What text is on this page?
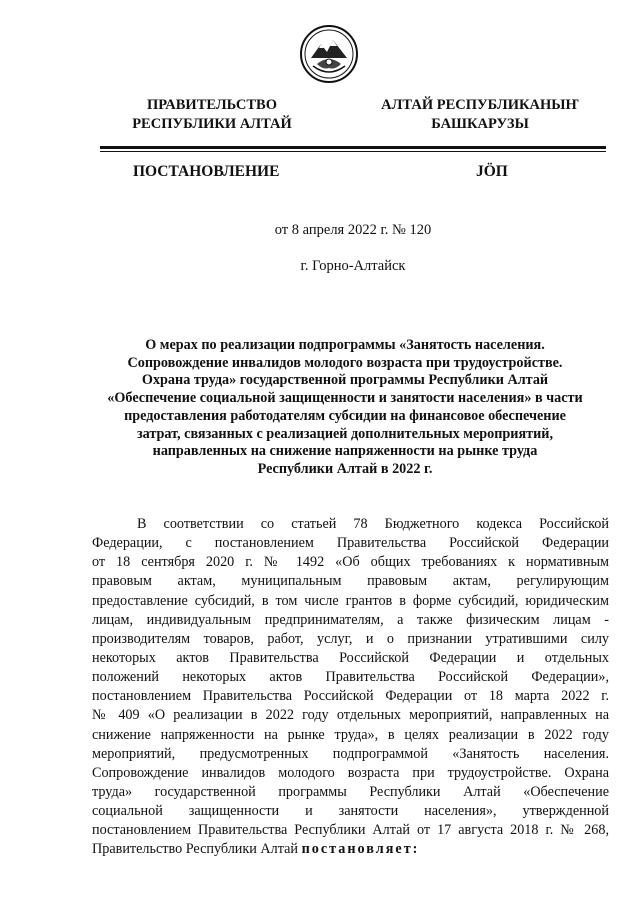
ПРАВИТЕЛЬСТВО
РЕСПУБЛИКИ АЛТАЙ
АЛТАЙ РЕСПУБЛИКАНЫҤ
БАШКАРУЗЫ
ПОСТАНОВЛЕНИЕ	JӦП
от 8 апреля 2022 г. № 120
г. Горно-Алтайск
О мерах по реализации подпрограммы «Занятость населения.
Сопровождение инвалидов молодого возраста при трудоустройстве.
Охрана труда» государственной программы Республики Алтай
«Обеспечение социальной защищенности и занятости населения» в части
предоставления работодателям субсидии на финансовое обеспечение
затрат, связанных с реализацией дополнительных мероприятий,
направленных на снижение напряженности на рынке труда
Республики Алтай в 2022 г.
В соответствии со статьей 78 Бюджетного кодекса Российской
Федерации, с постановлением Правительства Российской Федерации
от 18 сентября 2020 г. № 1492 «Об общих требованиях к нормативным
правовым актам, муниципальным правовым актам, регулирующим
предоставление субсидий, в том числе грантов в форме субсидий, юридическим
лицам, индивидуальным предпринимателям, а также физическим лицам -
производителям товаров, работ, услуг, и о признании утратившими силу
некоторых актов Правительства Российской Федерации и отдельных
положений некоторых актов Правительства Российской Федерации»,
постановлением Правительства Российской Федерации от 18 марта 2022 г.
№ 409 «О реализации в 2022 году отдельных мероприятий, направленных на
снижение напряженности на рынке труда», в целях реализации в 2022 году
мероприятий, предусмотренных подпрограммой «Занятость населения.
Сопровождение инвалидов молодого возраста при трудоустройстве. Охрана
труда» государственной программы Республики Алтай «Обеспечение
социальной защищенности и занятости населения», утвержденной
постановлением Правительства Республики Алтай от 17 августа 2018 г. № 268,
Правительство Республики Алтай постановляет:
